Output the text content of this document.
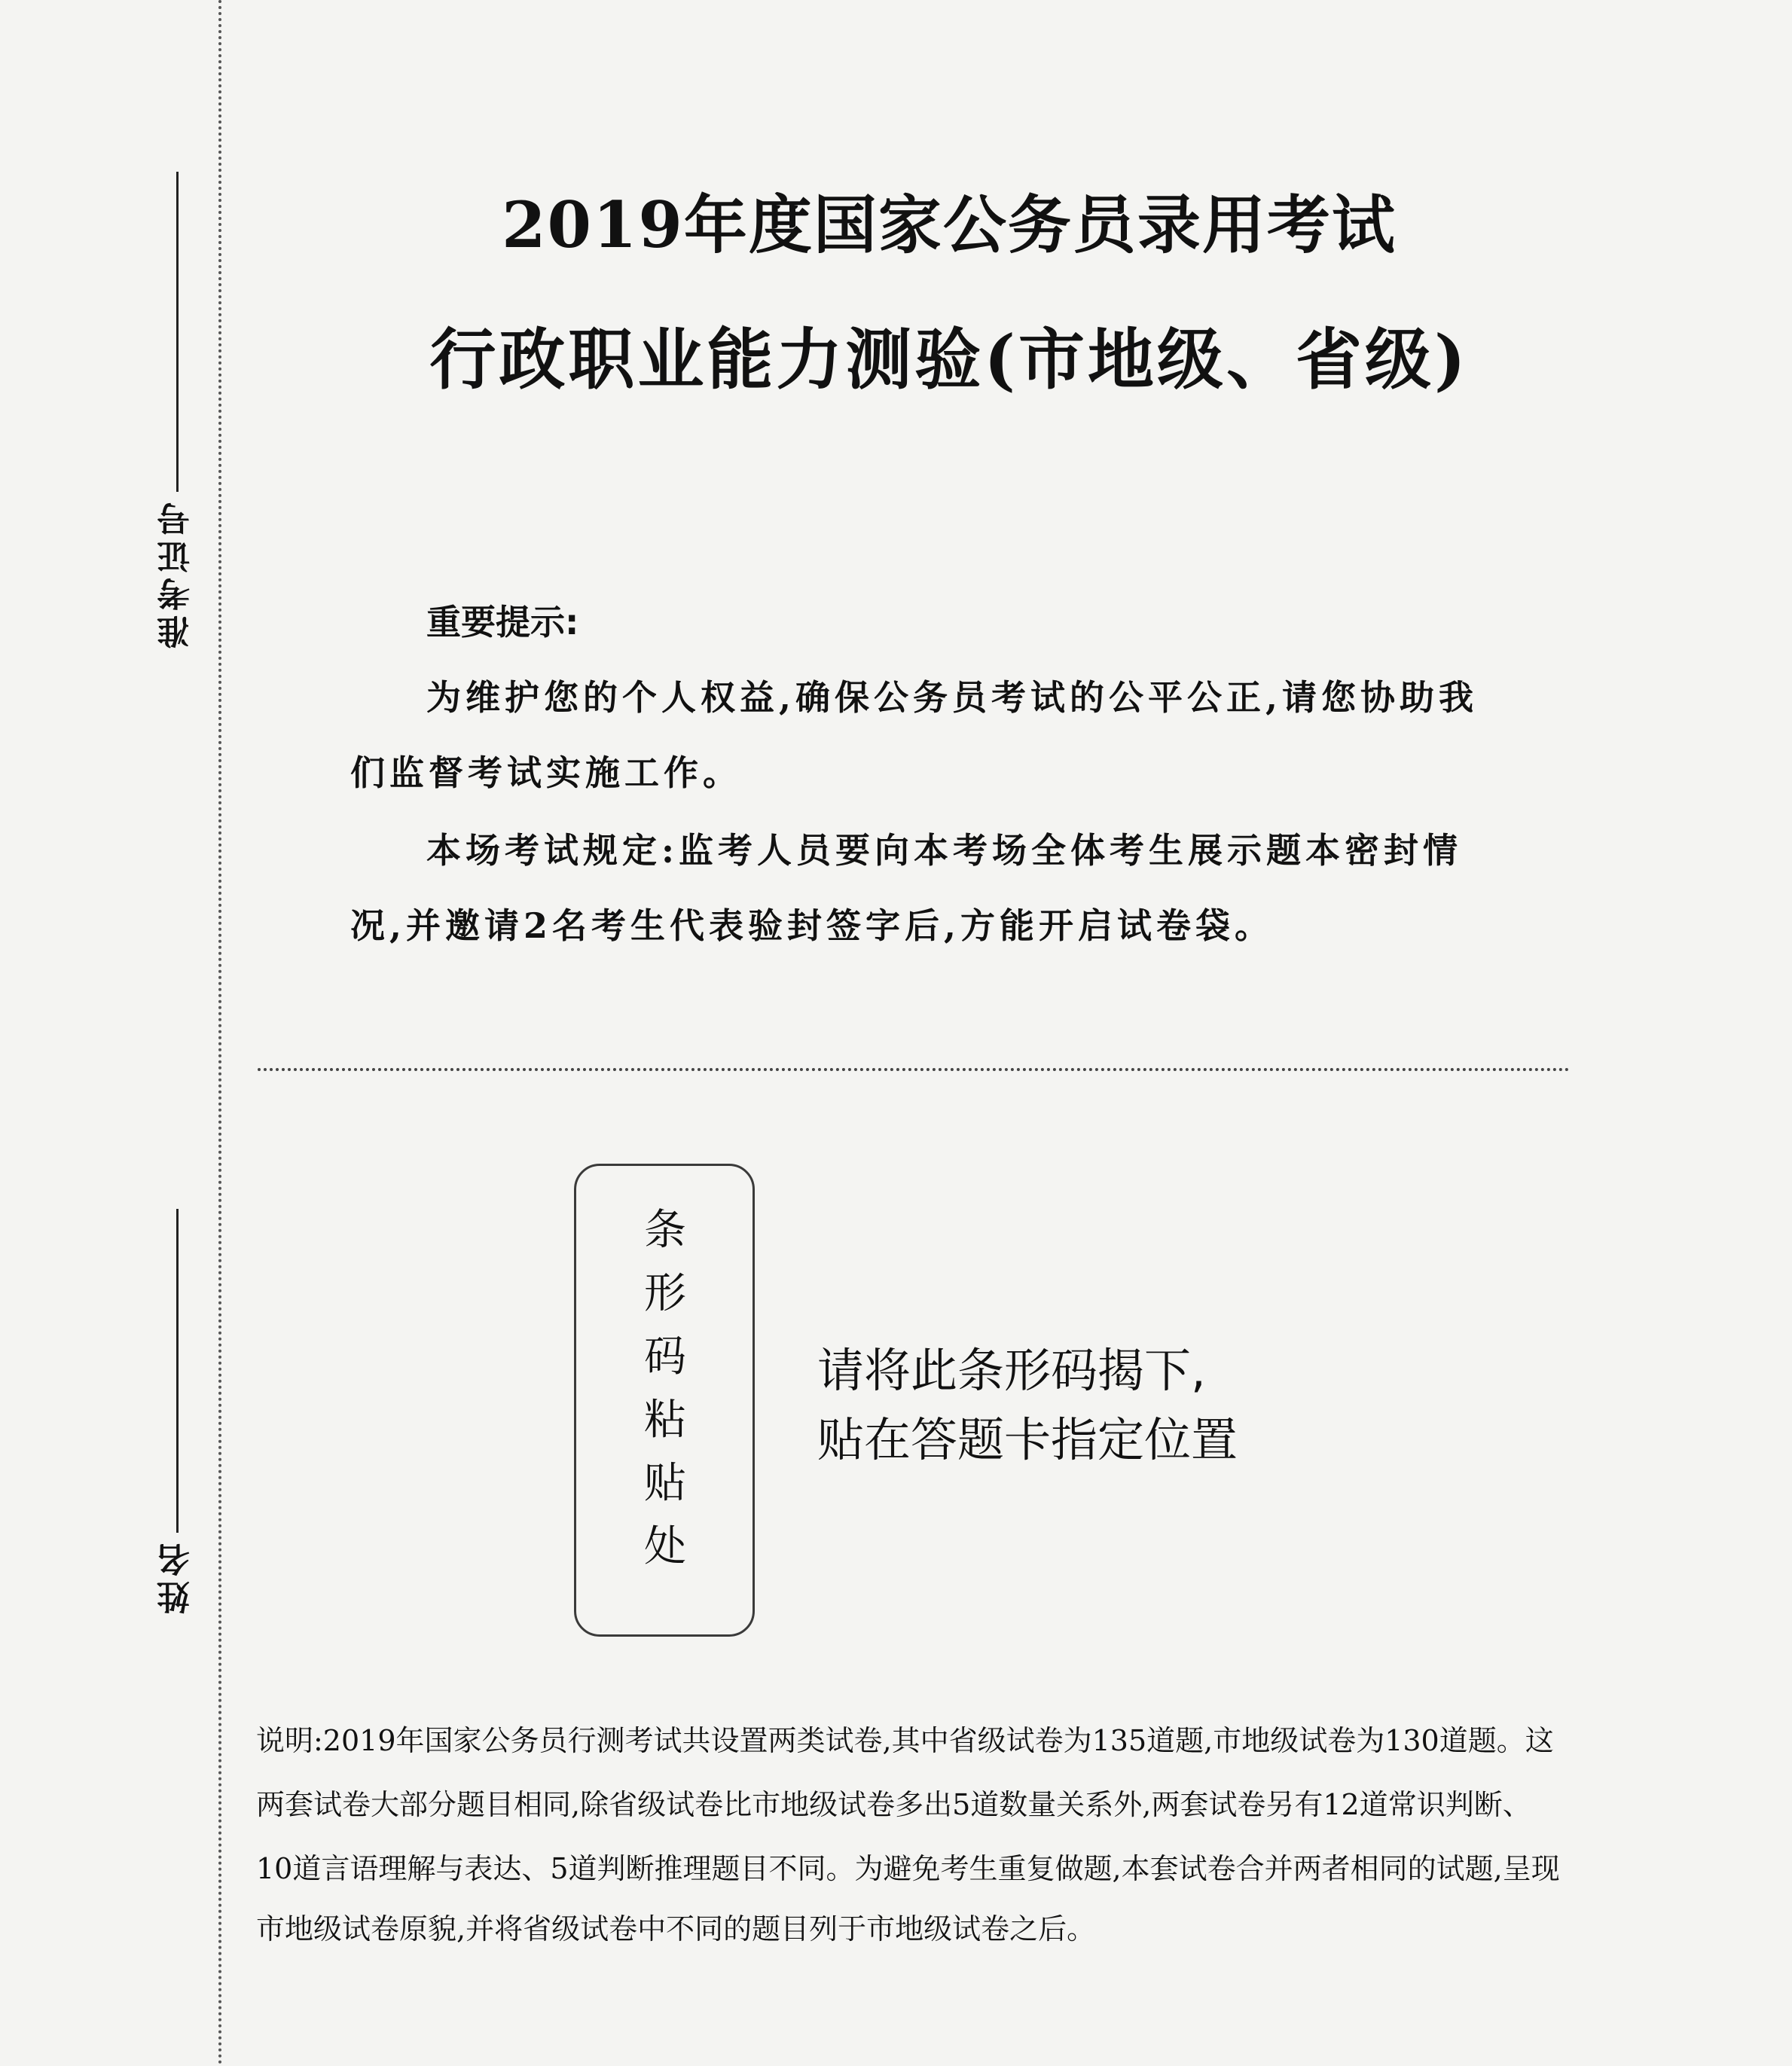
准考证号
姓名
2019年度国家公务员录用考试
行政职业能力测验(市地级、省级)
重要提示:
为维护您的个人权益,确保公务员考试的公平公正,请您协助我
们监督考试实施工作。
本场考试规定:监考人员要向本考场全体考生展示题本密封情
况,并邀请2名考生代表验封签字后,方能开启试卷袋。
条
形
码
粘
贴
处
请将此条形码揭下,
贴在答题卡指定位置
说明:2019年国家公务员行测考试共设置两类试卷,其中省级试卷为135道题,市地级试卷为130道题。这
两套试卷大部分题目相同,除省级试卷比市地级试卷多出5道数量关系外,两套试卷另有12道常识判断、
10道言语理解与表达、5道判断推理题目不同。为避免考生重复做题,本套试卷合并两者相同的试题,呈现
市地级试卷原貌,并将省级试卷中不同的题目列于市地级试卷之后。
